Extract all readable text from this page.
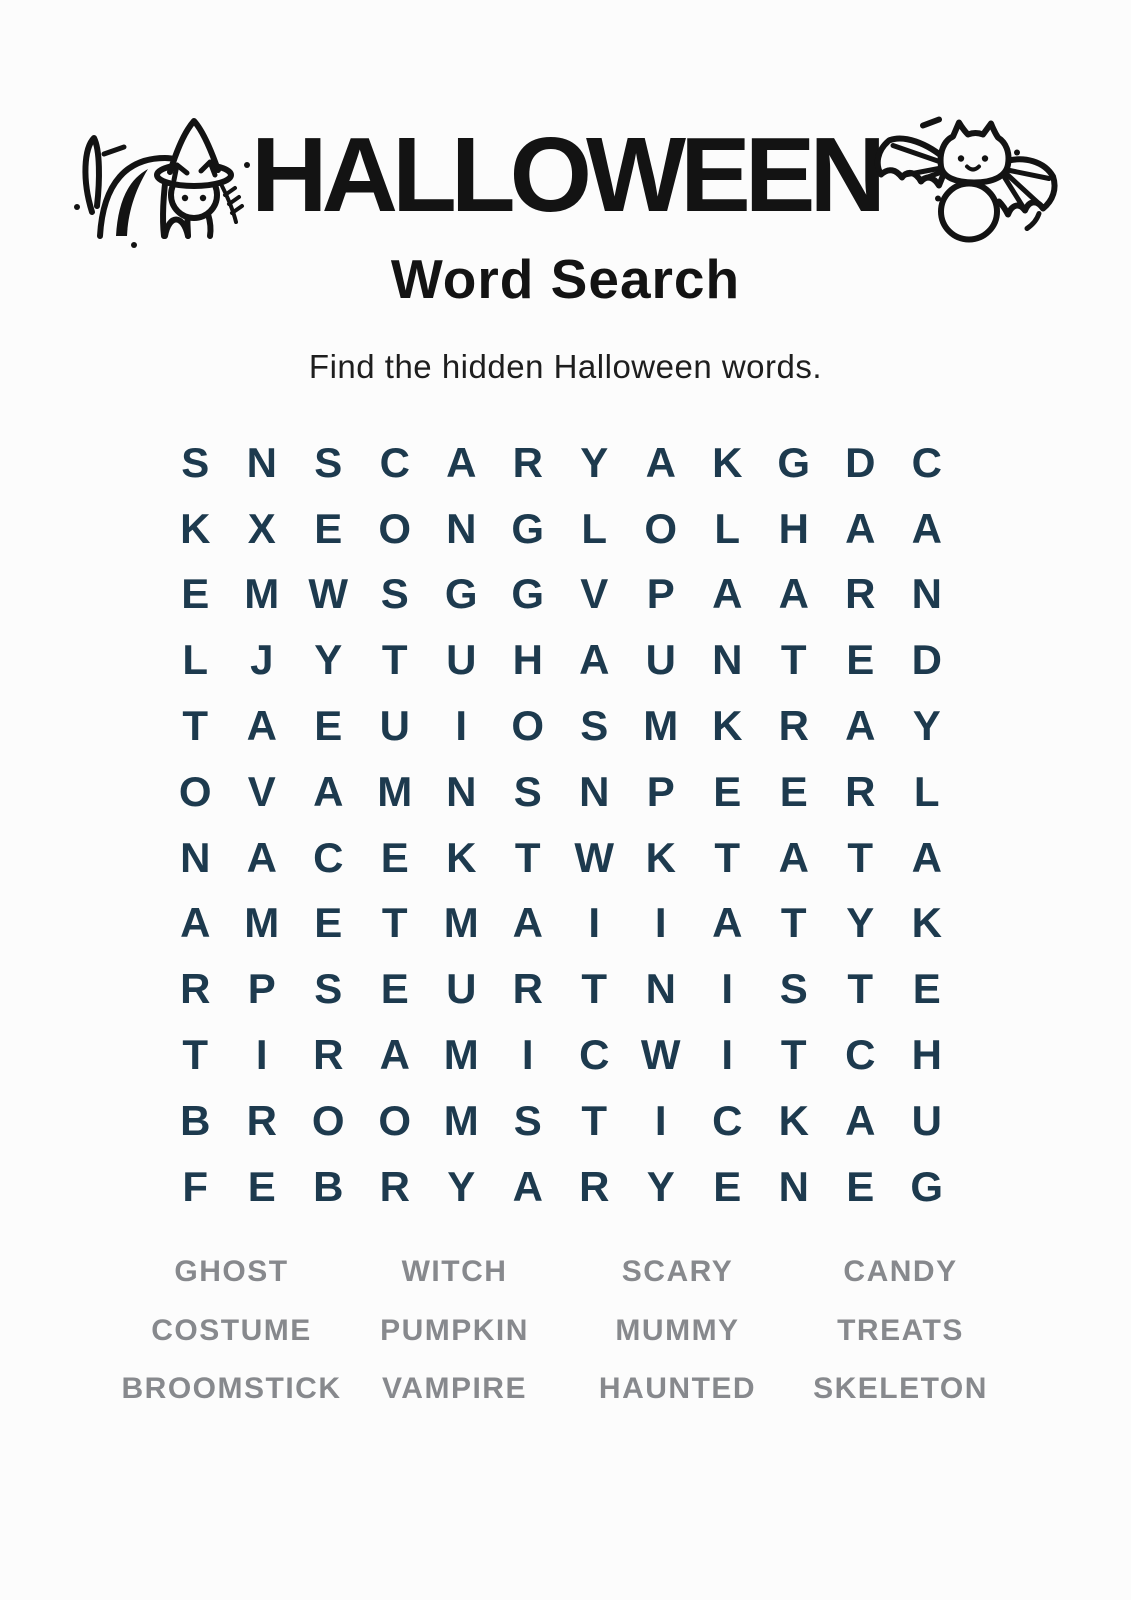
HALLOWEEN
Word Search
Find the hidden Halloween words.
S N S C A R Y A K G D C
K X E O N G L O L H A A
E M W S G G V P A A R N
L J Y T U H A U N T E D
T A E U	I	O S M K R A Y
O V A M N S N P E E R L
N A C E K T W K T A T A
A M E T M A	I	I	A T Y K
R P S E U R T N	I	S T E
T	I	R A M	I	C W I	T C H
B R O O M S T	I	C K A U
F E B R Y A R Y E N E G
GHOST	WITCH	SCARY	CANDY
COSTUME	PUMPKIN	MUMMY	TREATS
BROOMSTICK	VAMPIRE	HAUNTED	SKELETON
